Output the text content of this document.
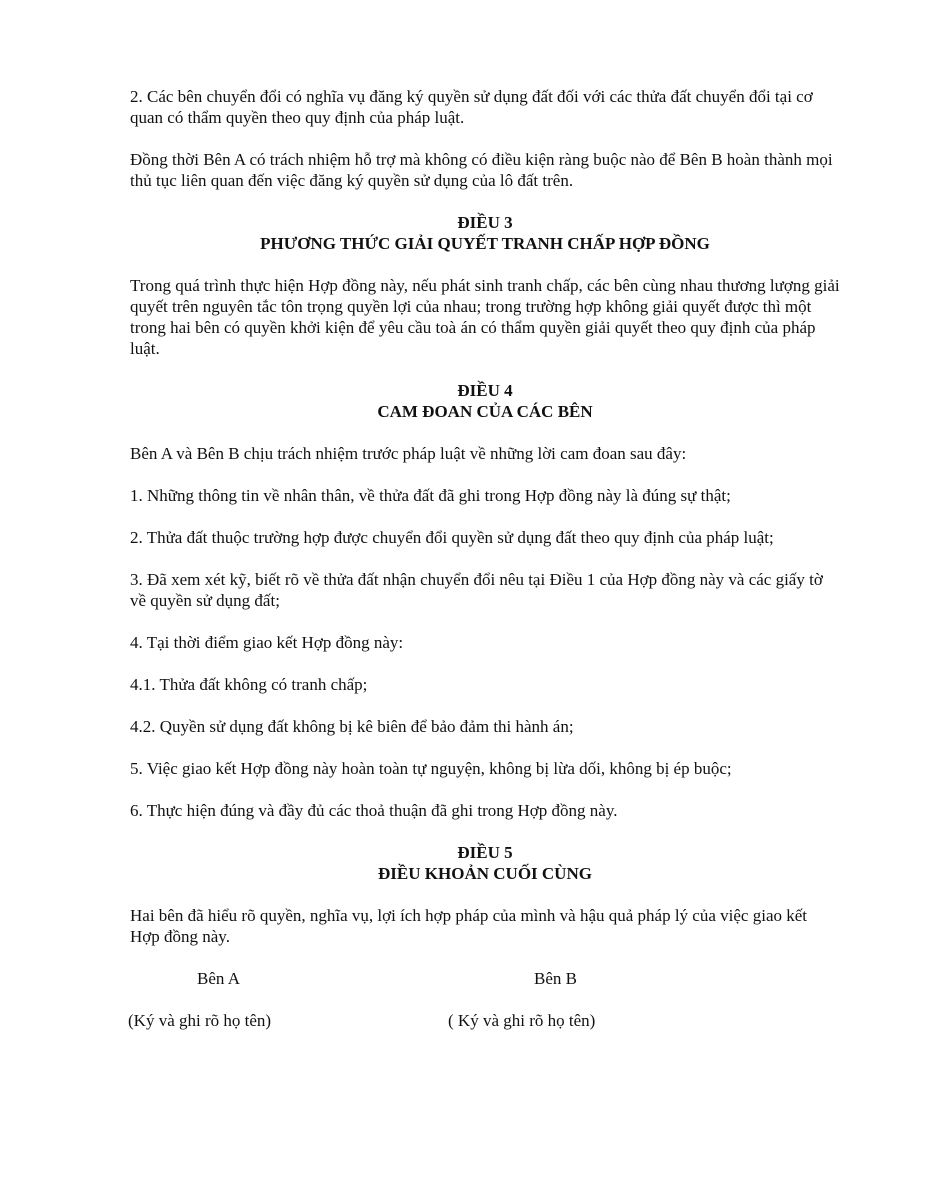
2. Các bên chuyển đổi có nghĩa vụ đăng ký quyền sử dụng đất đối với các thửa đất chuyển đổi tại cơ quan có thẩm quyền theo quy định của pháp luật.

Đồng thời Bên A có trách nhiệm hỗ trợ mà không có điều kiện ràng buộc nào để Bên B hoàn thành mọi thủ tục liên quan đến việc đăng ký quyền sử dụng của lô đất trên.

ĐIỀU 3
PHƯƠNG THỨC GIẢI QUYẾT TRANH CHẤP HỢP ĐỒNG

Trong quá trình thực hiện Hợp đồng này, nếu phát sinh tranh chấp, các bên cùng nhau thương lượng giải quyết trên nguyên tắc tôn trọng quyền lợi của nhau; trong trường hợp không giải quyết được thì một trong hai bên có quyền khởi kiện để yêu cầu toà án có thẩm quyền giải quyết theo quy định của pháp luật.

ĐIỀU 4
CAM ĐOAN CỦA CÁC BÊN

Bên A và Bên B chịu trách nhiệm trước pháp luật về những lời cam đoan sau đây:

1. Những thông tin về nhân thân, về thửa đất đã ghi trong Hợp đồng này là đúng sự thật;

2. Thửa đất thuộc trường hợp được chuyển đổi quyền sử dụng đất theo quy định của pháp luật;

3. Đã xem xét kỹ, biết rõ về thửa đất nhận chuyển đổi nêu tại Điều 1 của Hợp đồng này và các giấy tờ về quyền sử dụng đất;

4. Tại thời điểm giao kết Hợp đồng này:

4.1. Thửa đất không có tranh chấp;

4.2. Quyền sử dụng đất không bị kê biên để bảo đảm thi hành án;

5. Việc giao kết Hợp đồng này hoàn toàn tự nguyện, không bị lừa dối, không bị ép buộc;

6. Thực hiện đúng và đầy đủ các thoả thuận đã ghi trong Hợp đồng này.

ĐIỀU 5
ĐIỀU KHOẢN CUỐI CÙNG

Hai bên đã hiểu rõ quyền, nghĩa vụ, lợi ích hợp pháp của mình và hậu quả pháp lý của việc giao kết Hợp đồng này.

Bên A	Bên B
(Ký và ghi rõ họ tên)	( Ký và ghi rõ họ tên)
